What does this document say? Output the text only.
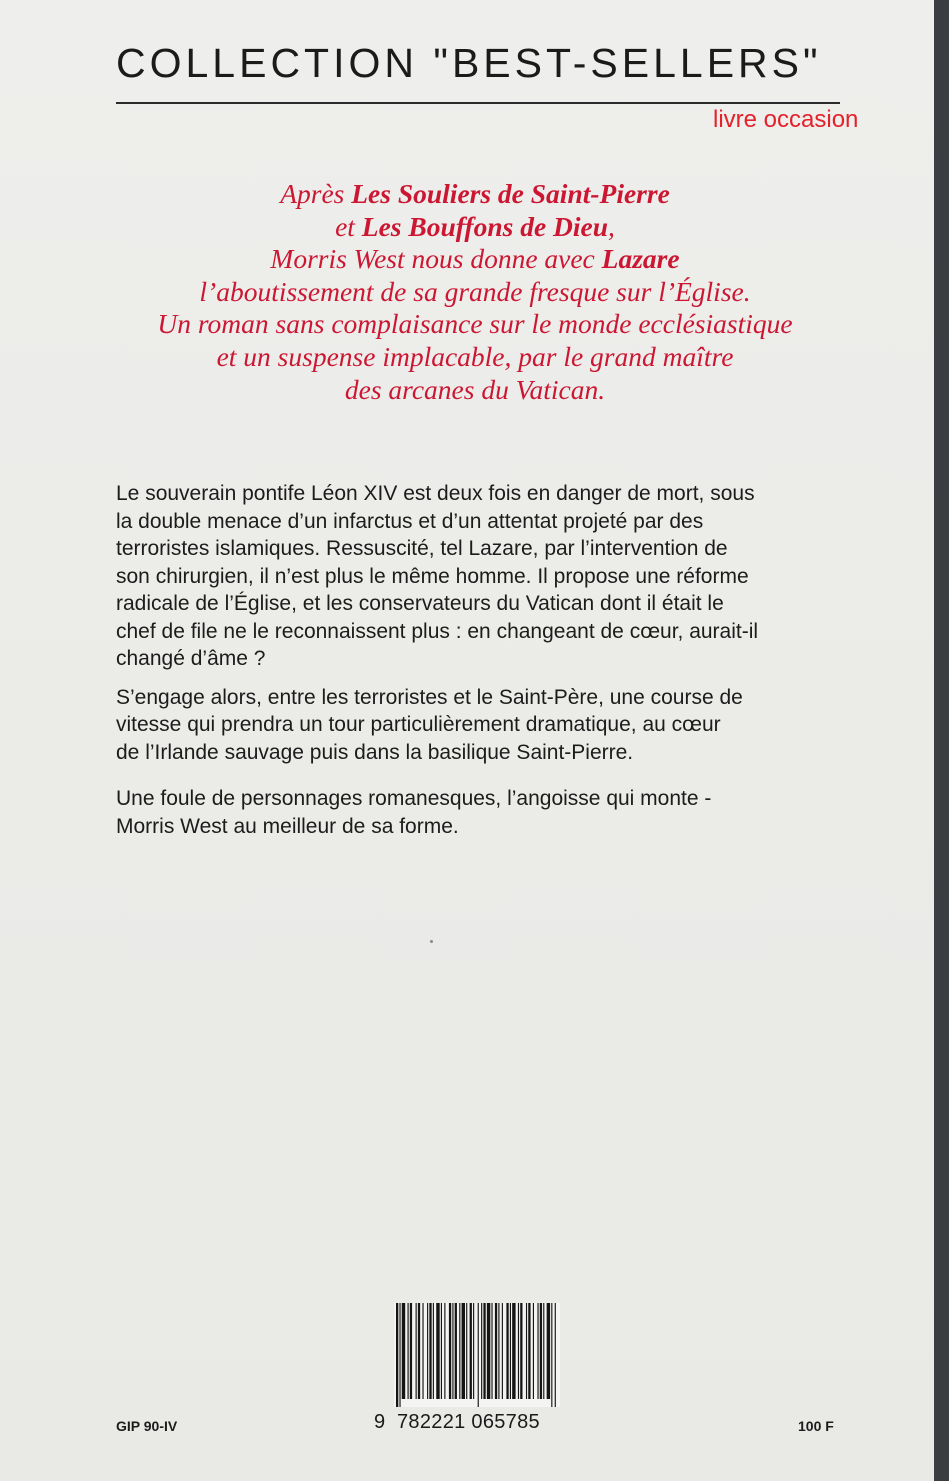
COLLECTION "BEST-SELLERS"
livre occasion
Après Les Souliers de Saint-Pierre
et Les Bouffons de Dieu,
Morris West nous donne avec Lazare
l’aboutissement de sa grande fresque sur l’Église.
Un roman sans complaisance sur le monde ecclésiastique
et un suspense implacable, par le grand maître
des arcanes du Vatican.

Le souverain pontife Léon XIV est deux fois en danger de mort, sous
la double menace d’un infarctus et d’un attentat projeté par des
terroristes islamiques. Ressuscité, tel Lazare, par l’intervention de
son chirurgien, il n’est plus le même homme. Il propose une réforme
radicale de l’Église, et les conservateurs du Vatican dont il était le
chef de file ne le reconnaissent plus : en changeant de cœur, aurait-il
changé d’âme ?

S’engage alors, entre les terroristes et le Saint-Père, une course de
vitesse qui prendra un tour particulièrement dramatique, au cœur
de l’Irlande sauvage puis dans la basilique Saint-Pierre.

Une foule de personnages romanesques, l’angoisse qui monte -
Morris West au meilleur de sa forme.

9 782221 065785
GIP 90-IV	100 F
